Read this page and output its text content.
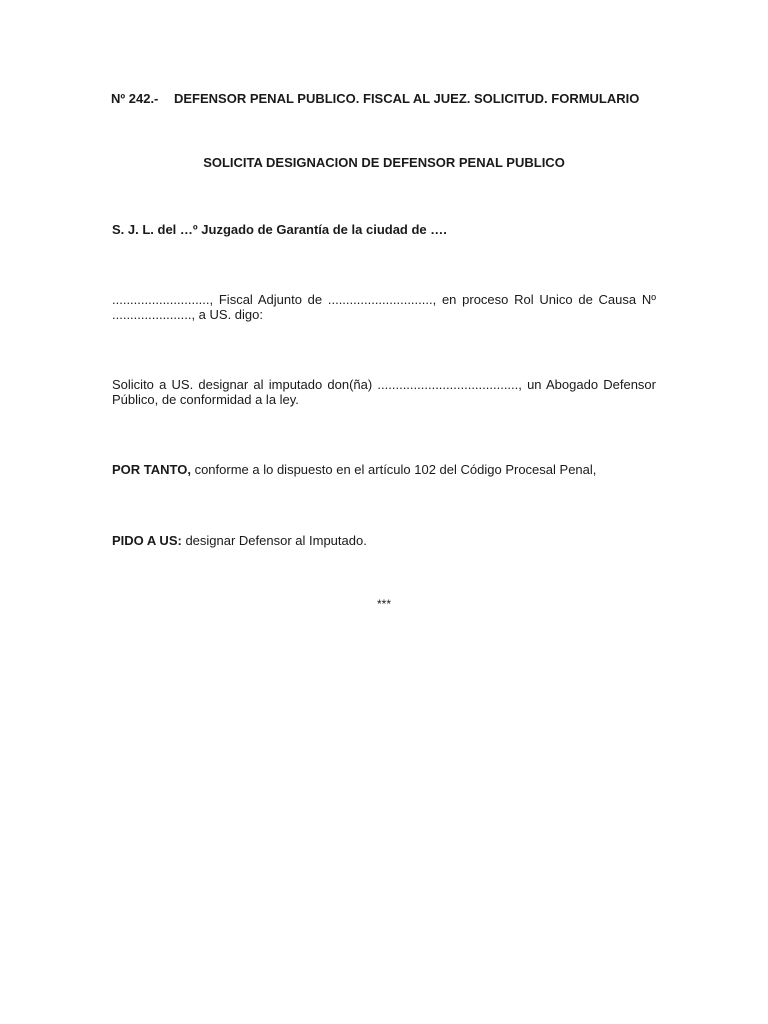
Nº 242.- DEFENSOR PENAL PUBLICO. FISCAL AL JUEZ. SOLICITUD. FORMULARIO
SOLICITA DESIGNACION DE DEFENSOR PENAL PUBLICO
S. J. L. del …º Juzgado de Garantía de la ciudad de ….
..........................., Fiscal Adjunto de ............................., en proceso Rol Unico de Causa Nº
......................, a US. digo:
Solicito a US. designar al imputado don(ña) ......................................., un Abogado Defensor
Público, de conformidad a la ley.
POR TANTO, conforme a lo dispuesto en el artículo 102 del Código Procesal Penal,
PIDO A US: designar Defensor al Imputado.
***
